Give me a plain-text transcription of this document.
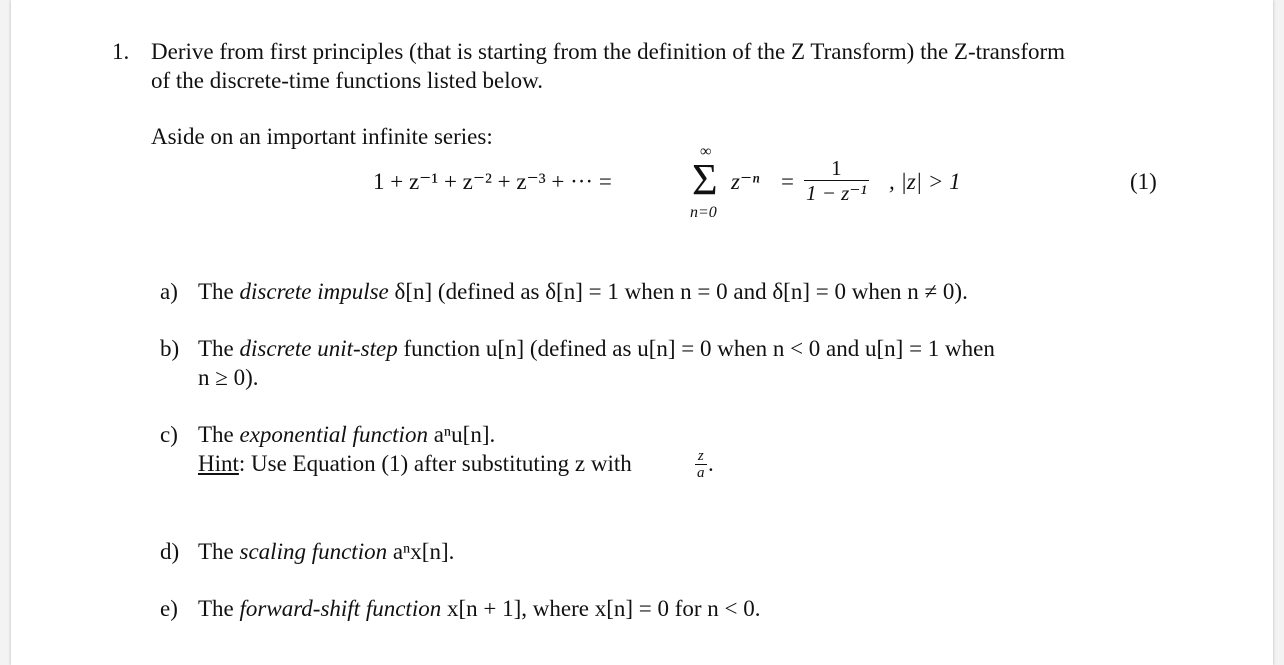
1. Derive from first principles (that is starting from the definition of the Z Transform) the Z-transform
of the discrete-time functions listed below.
Aside on an important infinite series:
1 + z⁻¹ + z⁻² + z⁻³ + ··· =
∞
Σ
n=0
$z^{-n} = \frac{1}{\text{1 − z⁻¹}}$ , |z| > 1	(1)
a) The discrete impulse δ[n] (defined as δ[n] = 1 when n = 0 and δ[n] = 0 when n ≠ 0).
b) The discrete unit-step function u[n] (defined as u[n] = 0 when n < 0 and u[n] = 1 when
n ≥ 0).
c) The exponential function aⁿu[n].
Hint: Use Equation (1) after substituting z with	$\frac{z}{a}$ .
d) The scaling function aⁿx[n].
e) The forward-shift function x[n + 1], where x[n] = 0 for n < 0.
